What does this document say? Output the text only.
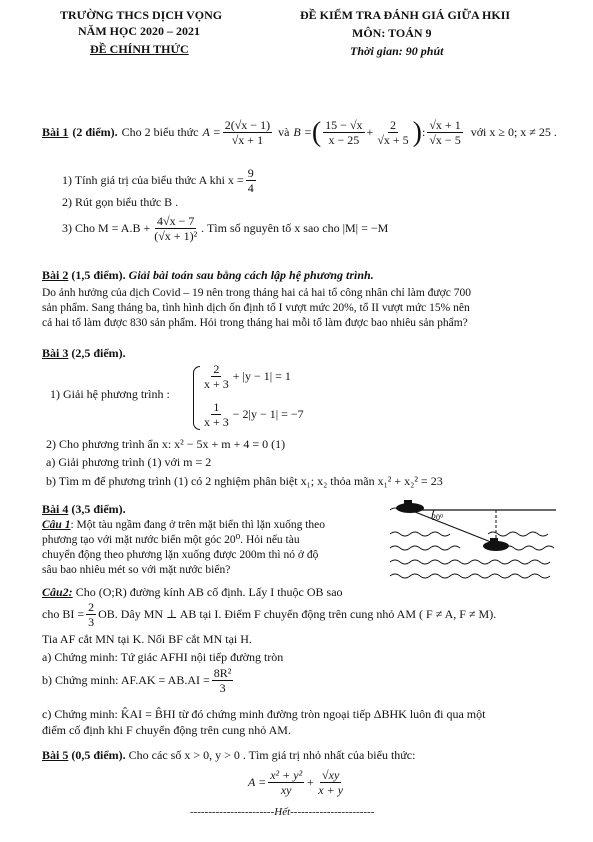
TRƯỜNG THCS DỊCH VỌNG
NĂM HỌC 2020 – 2021
ĐỀ CHÍNH THỨC
ĐỀ KIỂM TRA ĐÁNH GIÁ GIỮA HKII
MÔN: TOÁN 9
Thời gian: 90 phút
Bài 1 (2 điểm). Cho 2 biểu thức $A = \frac{2(√x - 1)}{√x + 1}$ và B = ( $\frac{15 - √x}{x - 25} + \frac{2}{√x + 5}$ ) : $\frac{√x + 1}{√x - 5}$ với x ≥ 0; x ≠ 25 .
1) Tính giá trị của biểu thức A khi $x = \frac{9}{4}$
2) Rút gọn biểu thức B .
3) Cho $M = A.B + \frac{4√x - 7}{\text{(√x + 1)²}}$ . Tìm số nguyên tố x sao cho |M| = −M
Bài 2 (1,5 điểm). Giải bài toán sau bằng cách lập hệ phương trình.
Do ảnh hưởng của dịch Covid – 19 nên trong tháng hai cả hai tổ công nhân chỉ làm được 700
sản phẩm. Sang tháng ba, tình hình dịch ổn định tổ I vượt mức 20%, tổ II vượt mức 15% nên
cả hai tổ làm được 830 sản phẩm. Hỏi trong tháng hai mỗi tổ làm được bao nhiêu sản phẩm?
Bài 3 (2,5 điểm).
1) Giải hệ phương trình :
$\frac{2}{x + 3} + |y - 1| = 1$
$\frac{1}{x + 3} - 2|y - 1| = -7$
2) Cho phương trình ẩn x: x² − 5x + m + 4 = 0 (1)
a) Giải phương trình (1) với m = 2
b) Tìm m để phương trình (1) có 2 nghiệm phân biệt x₁; x₂ thỏa mãn x₁² + x₂² = 23
Bài 4 (3,5 điểm).
Câu 1: Một tàu ngầm đang ở trên mặt biển thì lặn xuống theo
phương tạo với mặt nước biển một góc 20⁰. Hỏi nếu tàu
chuyển động theo phương lặn xuống được 200m thì nó ở độ
sâu bao nhiêu mét so với mặt nước biển?
20⁰
Câu2: Cho (O;R) đường kính AB cố định. Lấy I thuộc OB sao
cho BI = $\frac{2}{3}$ OB. Dây MN ⊥ AB tại I. Điểm F chuyển động trên cung nhỏ AM ( F ≠ A, F ≠ M).
Tia AF cắt MN tại K. Nối BF cắt MN tại H.
a) Chứng minh: Tứ giác AFHI nội tiếp đường tròn
b) Chứng minh: $AF.AK = AB.AI = \frac{\text{8R²}}{3}$
c) Chứng minh: K̂AI = B̂HI từ đó chứng minh đường tròn ngoại tiếp ΔBHK luôn đi qua một
điểm cố định khi F chuyển động trên cung nhỏ AM.
Bài 5 (0,5 điểm). Cho các số x > 0, y > 0 . Tìm giá trị nhỏ nhất của biểu thức:
$A = \frac{\text{x² + y²}}{xy} + \frac{√xy}{x + y}$
-----------------------Hết-----------------------
